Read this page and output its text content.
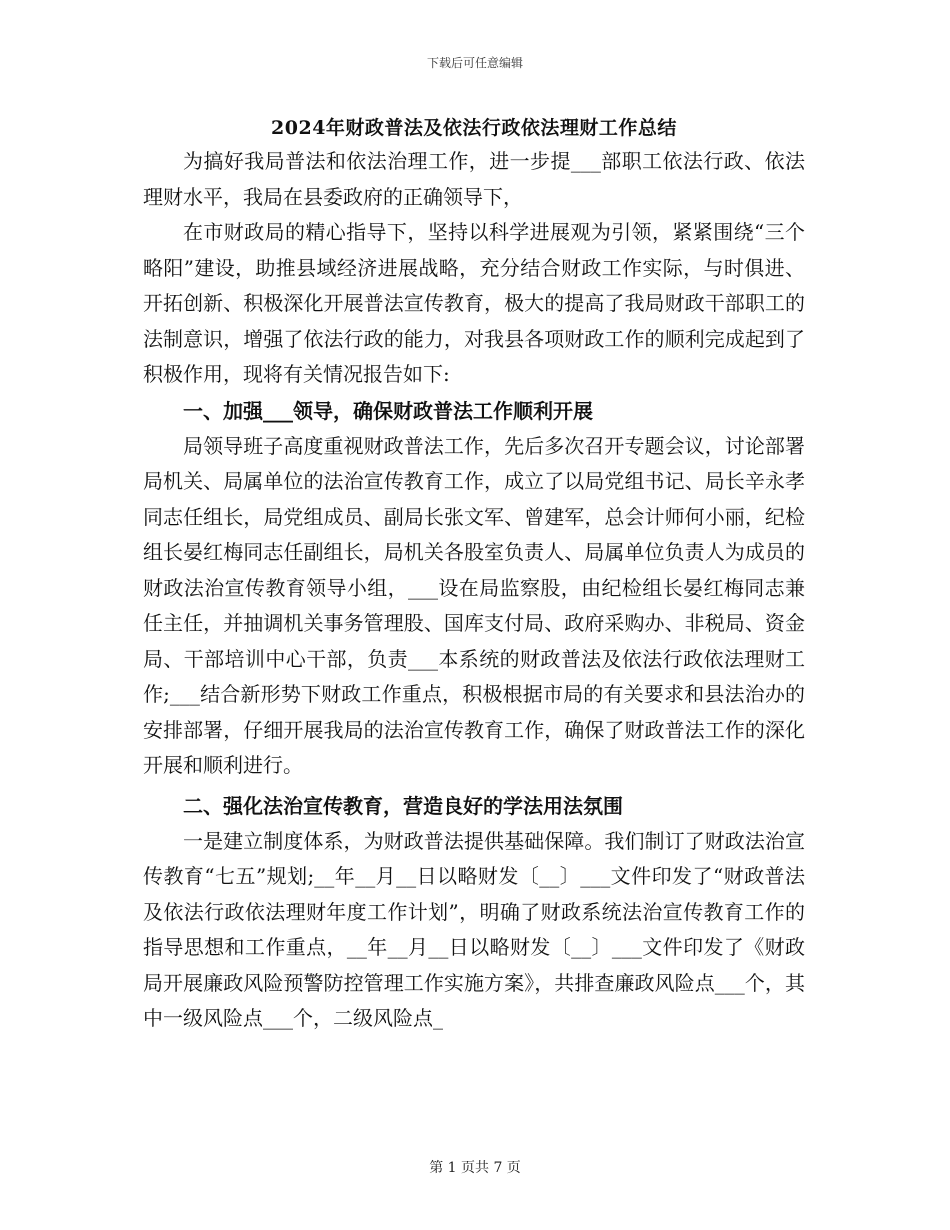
下载后可任意编辑
2024年财政普法及依法行政依法理财工作总结

为搞好我局普法和依法治理工作，进一步提___部职工依法行政、依法理财水平，我局在县委政府的正确领导下，

在市财政局的精心指导下，坚持以科学进展观为引领，紧紧围绕“三个略阳”建设，助推县域经济进展战略，充分结合财政工作实际，与时俱进、开拓创新、积极深化开展普法宣传教育，极大的提高了我局财政干部职工的法制意识，增强了依法行政的能力，对我县各项财政工作的顺利完成起到了积极作用，现将有关情况报告如下:

一、加强___领导，确保财政普法工作顺利开展

局领导班子高度重视财政普法工作，先后多次召开专题会议，讨论部署局机关、局属单位的法治宣传教育工作，成立了以局党组书记、局长辛永孝同志任组长，局党组成员、副局长张文军、曾建军，总会计师何小丽，纪检组长晏红梅同志任副组长，局机关各股室负责人、局属单位负责人为成员的财政法治宣传教育领导小组，___设在局监察股，由纪检组长晏红梅同志兼任主任，并抽调机关事务管理股、国库支付局、政府采购办、非税局、资金局、干部培训中心干部，负责___本系统的财政普法及依法行政依法理财工作;___结合新形势下财政工作重点，积极根据市局的有关要求和县法治办的安排部署，仔细开展我局的法治宣传教育工作，确保了财政普法工作的深化开展和顺利进行。

二、强化法治宣传教育，营造良好的学法用法氛围

一是建立制度体系，为财政普法提供基础保障。我们制订了财政法治宣传教育“七五”规划;__年__月__日以略财发〔__〕___文件印发了“财政普法及依法行政依法理财年度工作计划”，明确了财政系统法治宣传教育工作的指导思想和工作重点，__年__月__日以略财发〔__〕___文件印发了《财政局开展廉政风险预警防控管理工作实施方案》，共排查廉政风险点___个，其中一级风险点___个，二级风险点_

第 1 页共 7 页
